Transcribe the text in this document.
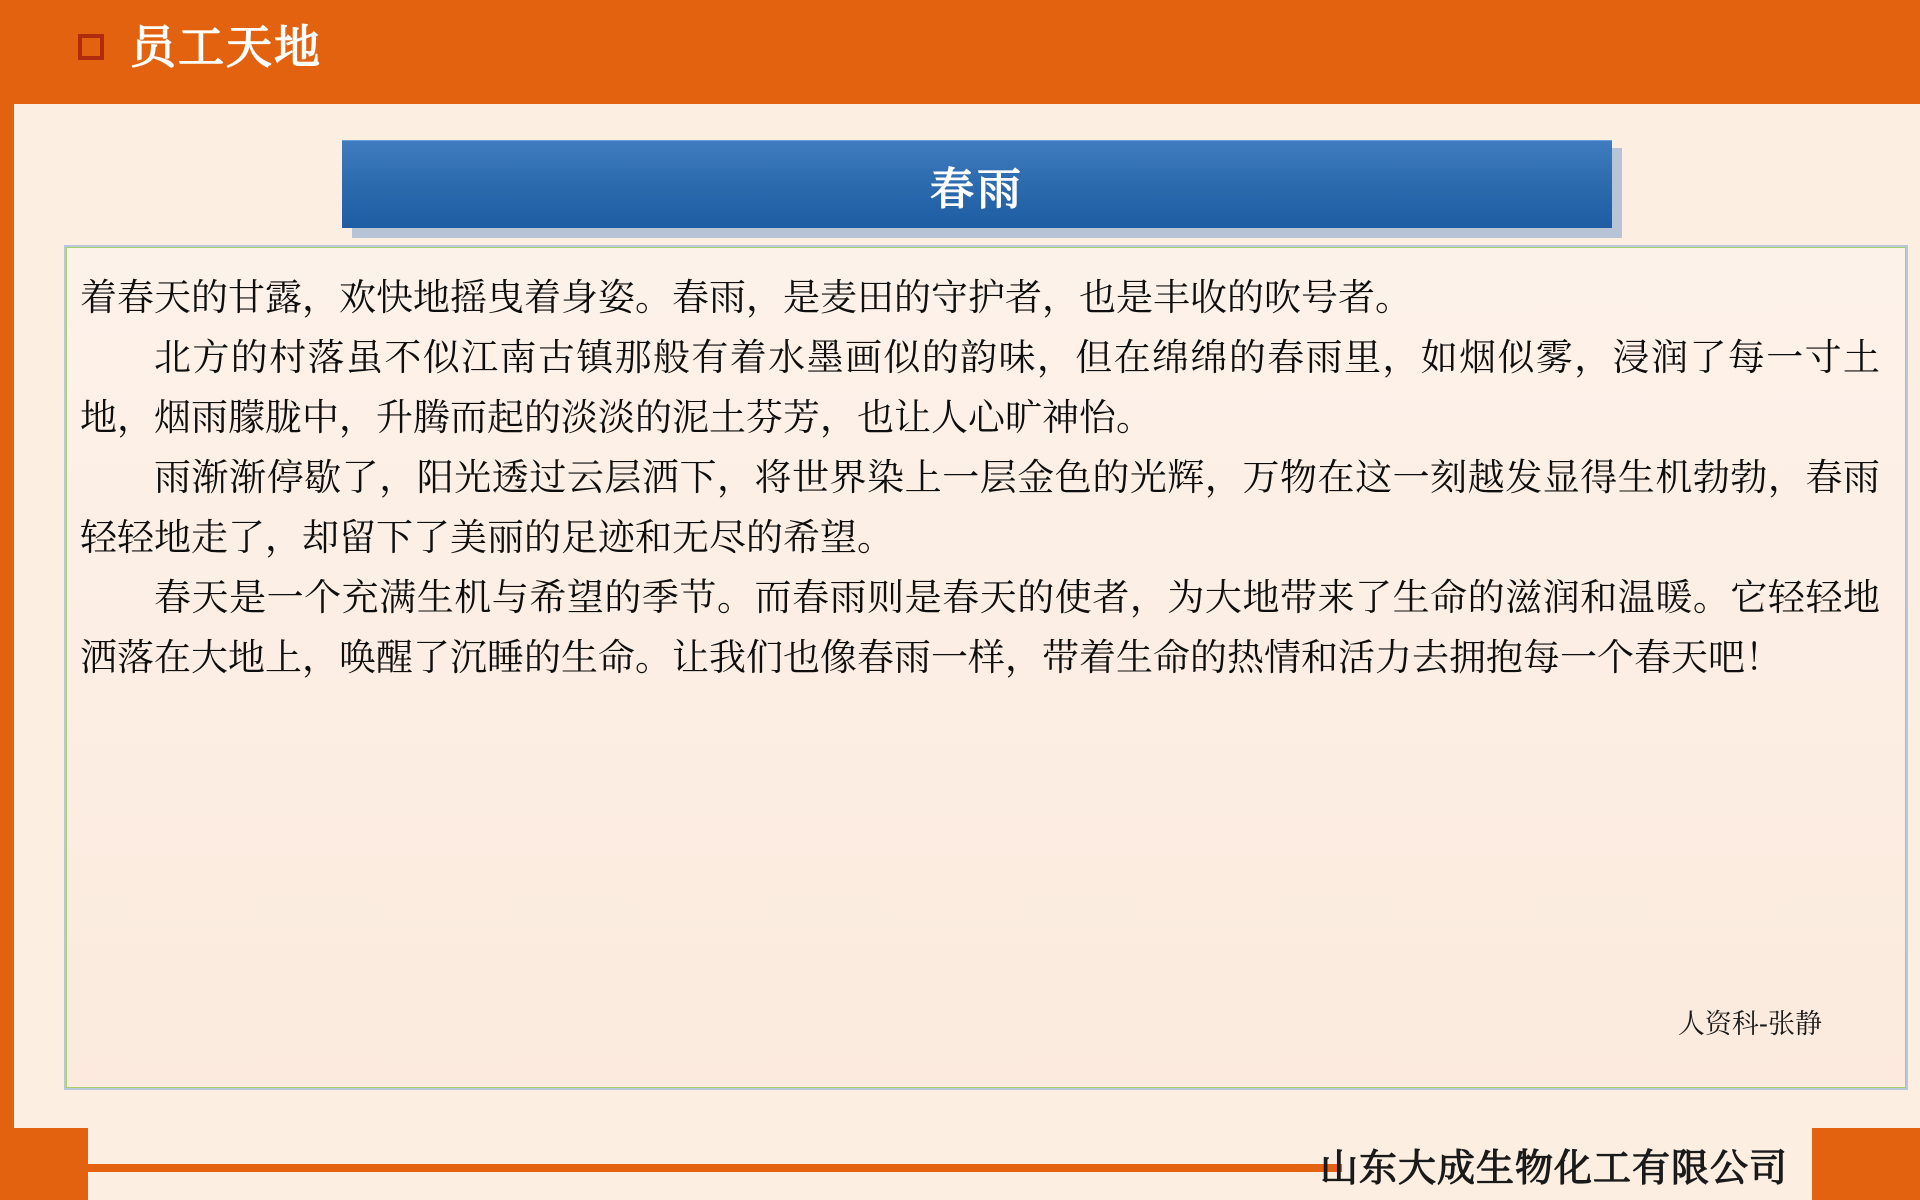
员工天地
春雨

着春天的甘露，欢快地摇曳着身姿。春雨，是麦田的守护者，也是丰收的吹号者。

北方的村落虽不似江南古镇那般有着水墨画似的韵味，但在绵绵的春雨里，如烟似雾，浸润了每一寸土地，烟雨朦胧中，升腾而起的淡淡的泥土芬芳，也让人心旷神怡。

雨渐渐停歇了，阳光透过云层洒下，将世界染上一层金色的光辉，万物在这一刻越发显得生机勃勃，春雨轻轻地走了，却留下了美丽的足迹和无尽的希望。

春天是一个充满生机与希望的季节。而春雨则是春天的使者，为大地带来了生命的滋润和温暖。它轻轻地洒落在大地上，唤醒了沉睡的生命。让我们也像春雨一样，带着生命的热情和活力去拥抱每一个春天吧！

人资科-张静
山东大成生物化工有限公司
